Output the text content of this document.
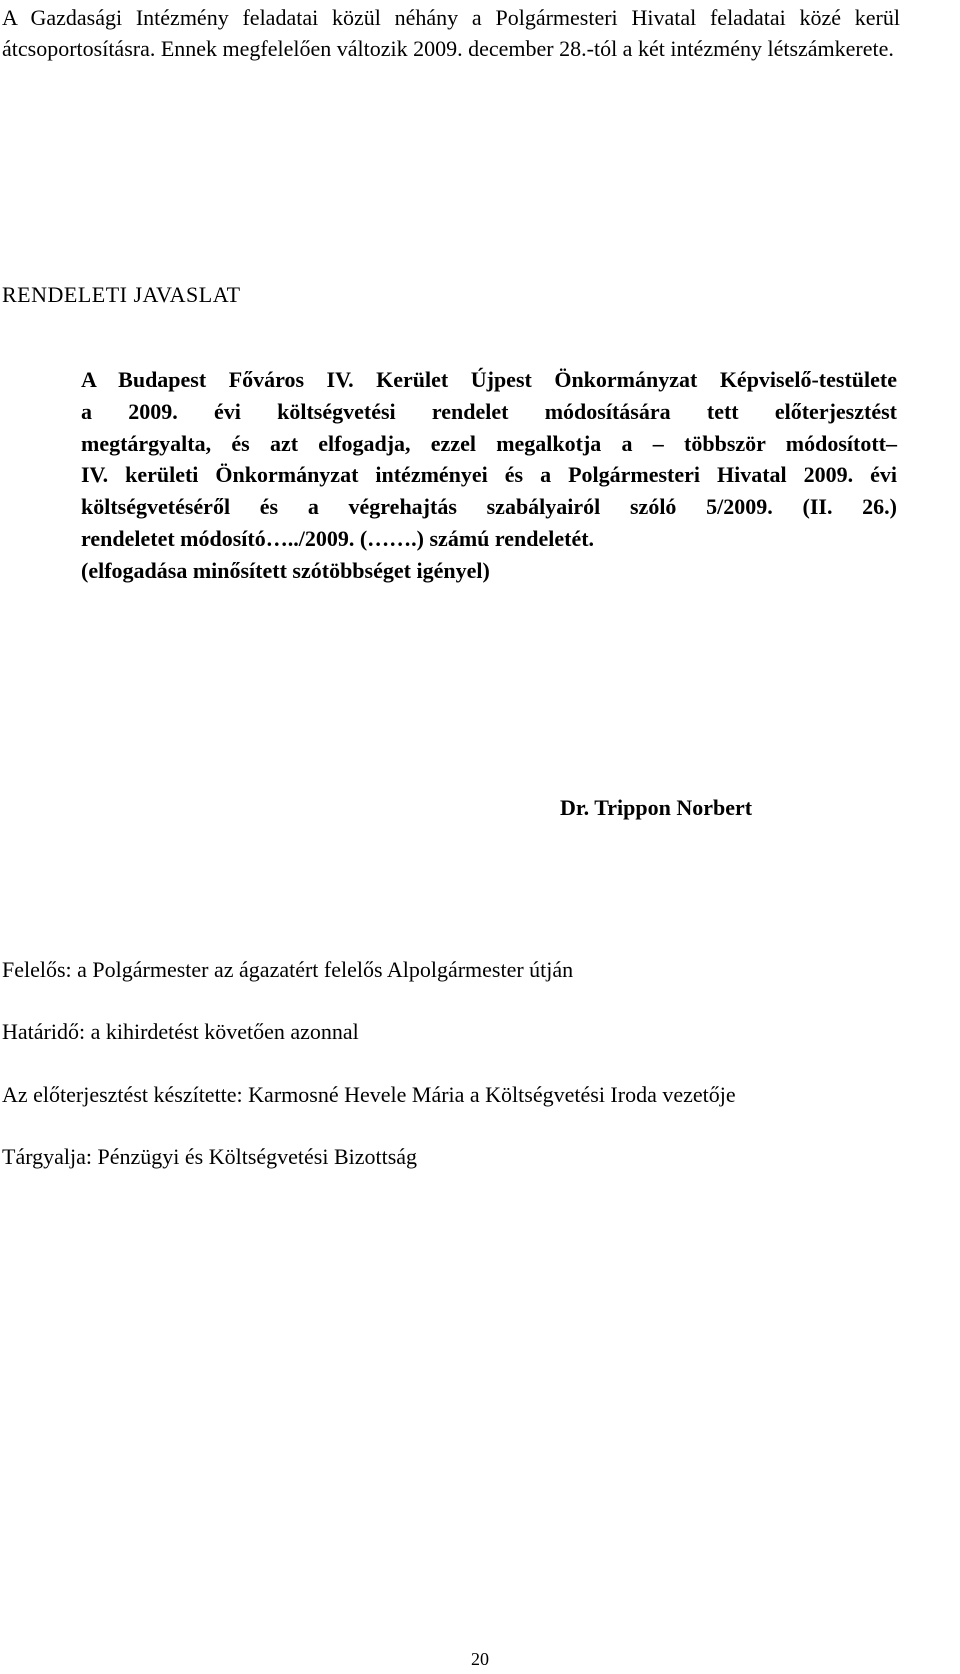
A Gazdasági Intézmény feladatai közül néhány a Polgármesteri Hivatal feladatai közé kerül átcsoportosításra. Ennek megfelelően változik 2009. december 28.-tól a két intézmény létszámkerete.

RENDELETI JAVASLAT
A Budapest Főváros IV. Kerület Újpest Önkormányzat Képviselő-testülete
a 2009. évi költségvetési rendelet módosítására tett előterjesztést
megtárgyalta, és azt elfogadja, ezzel megalkotja a – többször módosított–
IV. kerületi Önkormányzat intézményei és a Polgármesteri Hivatal 2009. évi
költségvetéséről és a végrehajtás szabályairól szóló 5/2009. (II. 26.)
rendeletet módosító…../2009. (…….) számú rendeletét.
(elfogadása minősített szótöbbséget igényel)

Dr. Trippon Norbert

Felelős: a Polgármester az ágazatért felelős Alpolgármester útján

Határidő: a kihirdetést követően azonnal

Az előterjesztést készítette: Karmosné Hevele Mária a Költségvetési Iroda vezetője

Tárgyalja: Pénzügyi és Költségvetési Bizottság

20
